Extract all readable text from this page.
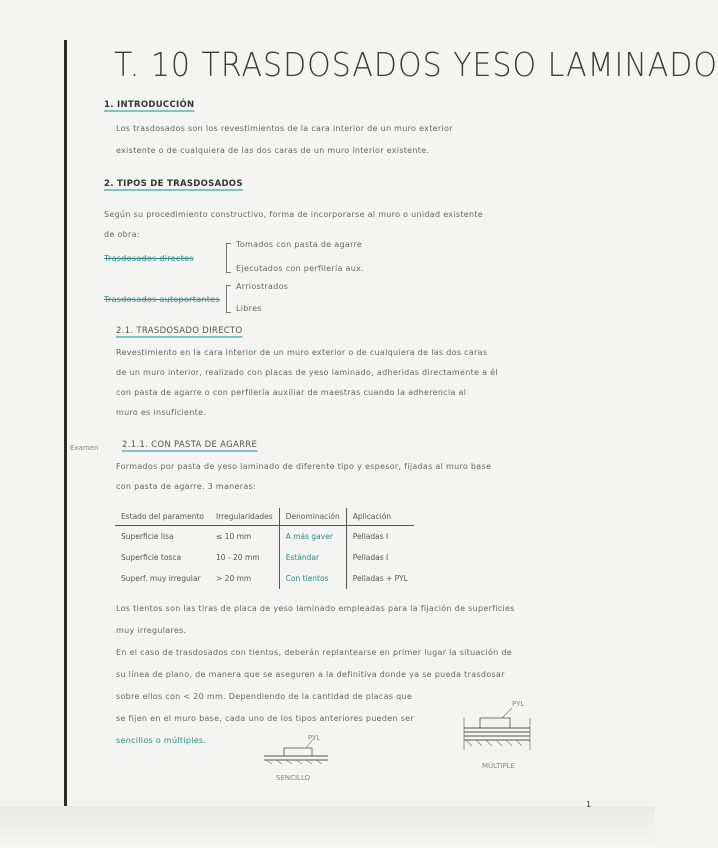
T. 10 TRASDOSADOS YESO LAMINADO
1. INTRODUCCIÓN
Los trasdosados son los revestimientos de la cara interior de un muro exterior
existente o de cualquiera de las dos caras de un muro interior existente.
2. TIPOS DE TRASDOSADOS
Según su procedimiento constructivo, forma de incorporarse al muro o unidad existente
de obra:
Trasdosados directos
Tomados con pasta de agarre
Ejecutados con perfilería aux.
Trasdosados autoportantes
Arriostrados
Libres
2.1. TRASDOSADO DIRECTO
Revestimiento en la cara interior de un muro exterior o de cualquiera de las dos caras
de un muro interior, realizado con placas de yeso laminado, adheridas directamente a él
con pasta de agarre o con perfilería auxiliar de maestras cuando la adherencia al
muro es insuficiente.
Examen	2.1.1. CON PASTA DE AGARRE
Formados por pasta de yeso laminado de diferente tipo y espesor, fijadas al muro base
con pasta de agarre. 3 maneras:
Estado del paramento	Irregularidades	Denominación	Aplicación
Superficie lisa	≤ 10 mm	A más gaver	Pelladas I
Superficie tosca	10 - 20 mm	Estándar	Pelladas I
Superf. muy irregular	> 20 mm	Con tientos	Pelladas + PYL
Los tientos son las tiras de placa de yeso laminado empleadas para la fijación de superficies
muy irregulares.
En el caso de trasdosados con tientos, deberán replantearse en primer lugar la situación de
su línea de plano, de manera que se aseguren a la definitiva donde ya se pueda trasdosar
sobre ellos con < 20 mm. Dependiendo de la cantidad de placas que
se fijen en el muro base, cada uno de los tipos anteriores pueden ser
sencillos o múltiples.	PYL
SENCILLO
PYL
MÚLTIPLE
1
